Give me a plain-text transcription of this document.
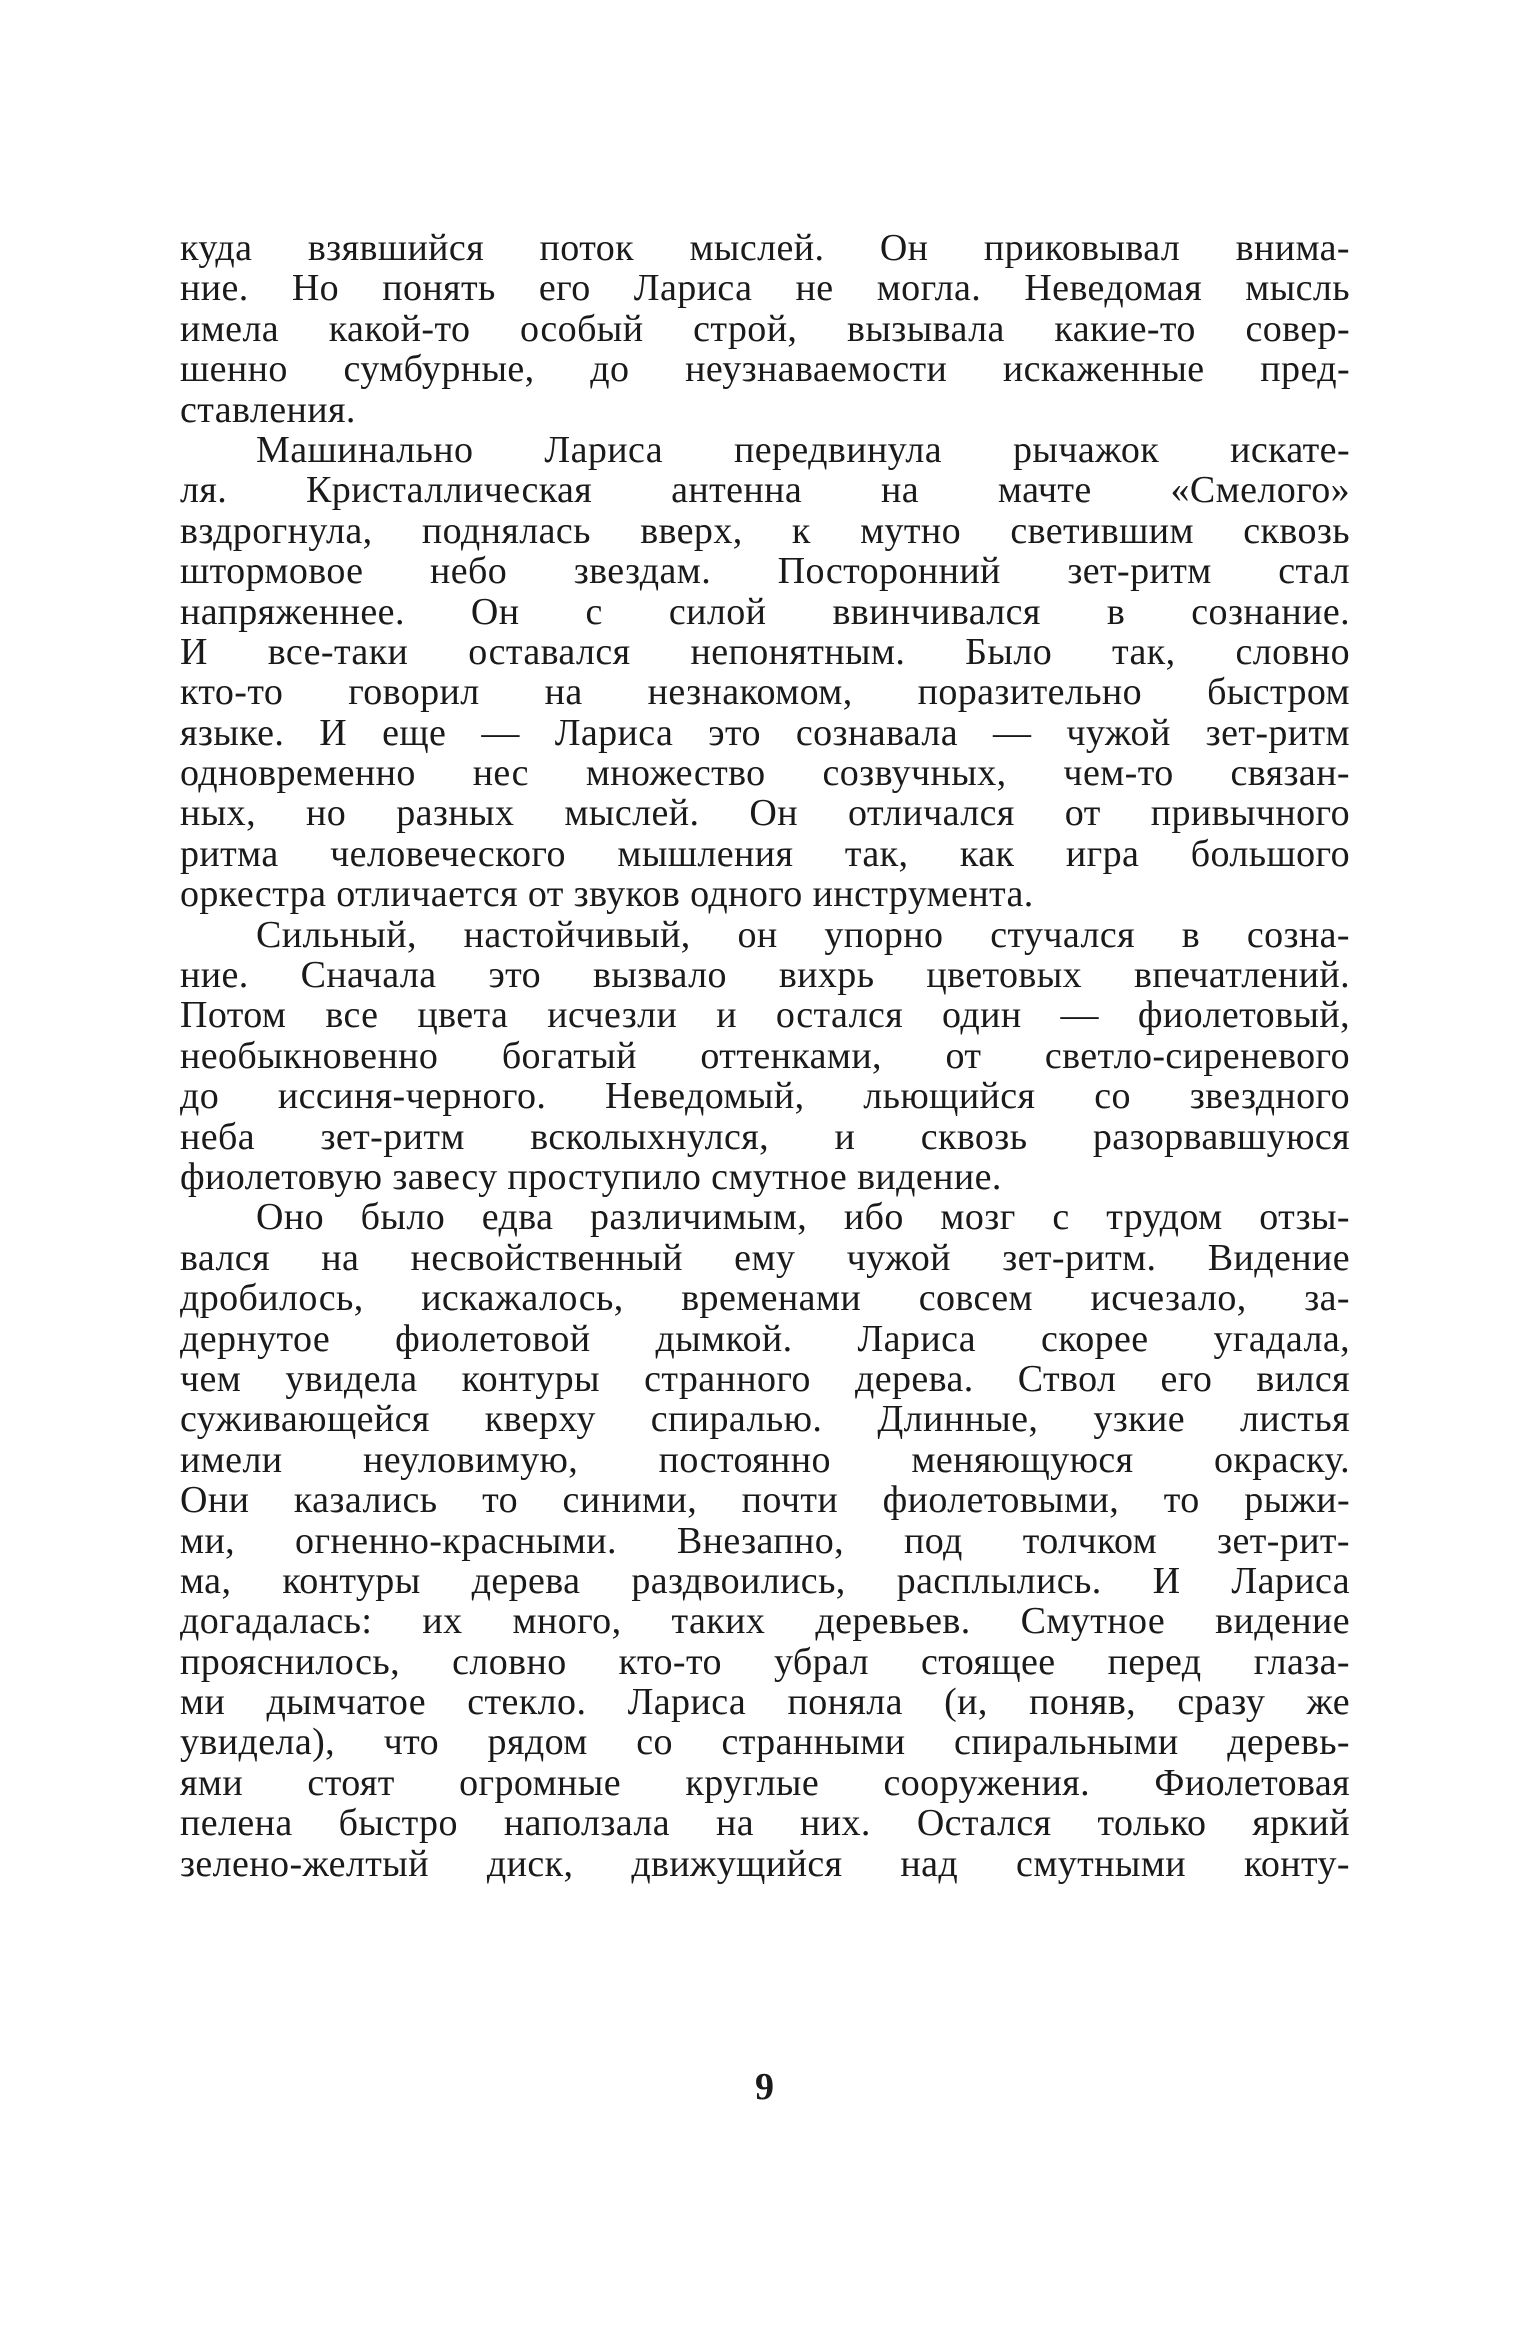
куда взявшийся поток мыслей. Он приковывал внима-
ние. Но понять его Лариса не могла. Неведомая мысль
имела какой-то особый строй, вызывала какие-то совер-
шенно сумбурные, до неузнаваемости искаженные пред-
ставления.
Машинально Лариса передвинула рычажок искате-
ля. Кристаллическая антенна на мачте «Смелого»
вздрогнула, поднялась вверх, к мутно светившим сквозь
штормовое небо звездам. Посторонний зет-ритм стал
напряженнее. Он с силой ввинчивался в сознание.
И все-таки оставался непонятным. Было так, словно
кто-то говорил на незнакомом, поразительно быстром
языке. И еще — Лариса это сознавала — чужой зет-ритм
одновременно нес множество созвучных, чем-то связан-
ных, но разных мыслей. Он отличался от привычного
ритма человеческого мышления так, как игра большого
оркестра отличается от звуков одного инструмента.
Сильный, настойчивый, он упорно стучался в созна-
ние. Сначала это вызвало вихрь цветовых впечатлений.
Потом все цвета исчезли и остался один — фиолетовый,
необыкновенно богатый оттенками, от светло-сиреневого
до иссиня-черного. Неведомый, льющийся со звездного
неба зет-ритм всколыхнулся, и сквозь разорвавшуюся
фиолетовую завесу проступило смутное видение.
Оно было едва различимым, ибо мозг с трудом отзы-
вался на несвойственный ему чужой зет-ритм. Видение
дробилось, искажалось, временами совсем исчезало, за-
дернутое фиолетовой дымкой. Лариса скорее угадала,
чем увидела контуры странного дерева. Ствол его вился
суживающейся кверху спиралью. Длинные, узкие листья
имели неуловимую, постоянно меняющуюся окраску.
Они казались то синими, почти фиолетовыми, то рыжи-
ми, огненно-красными. Внезапно, под толчком зет-рит-
ма, контуры дерева раздвоились, расплылись. И Лариса
догадалась: их много, таких деревьев. Смутное видение
прояснилось, словно кто-то убрал стоящее перед глаза-
ми дымчатое стекло. Лариса поняла (и, поняв, сразу же
увидела), что рядом со странными спиральными деревь-
ями стоят огромные круглые сооружения. Фиолетовая
пелена быстро наползала на них. Остался только яркий
зелено-желтый диск, движущийся над смутными конту-
9
